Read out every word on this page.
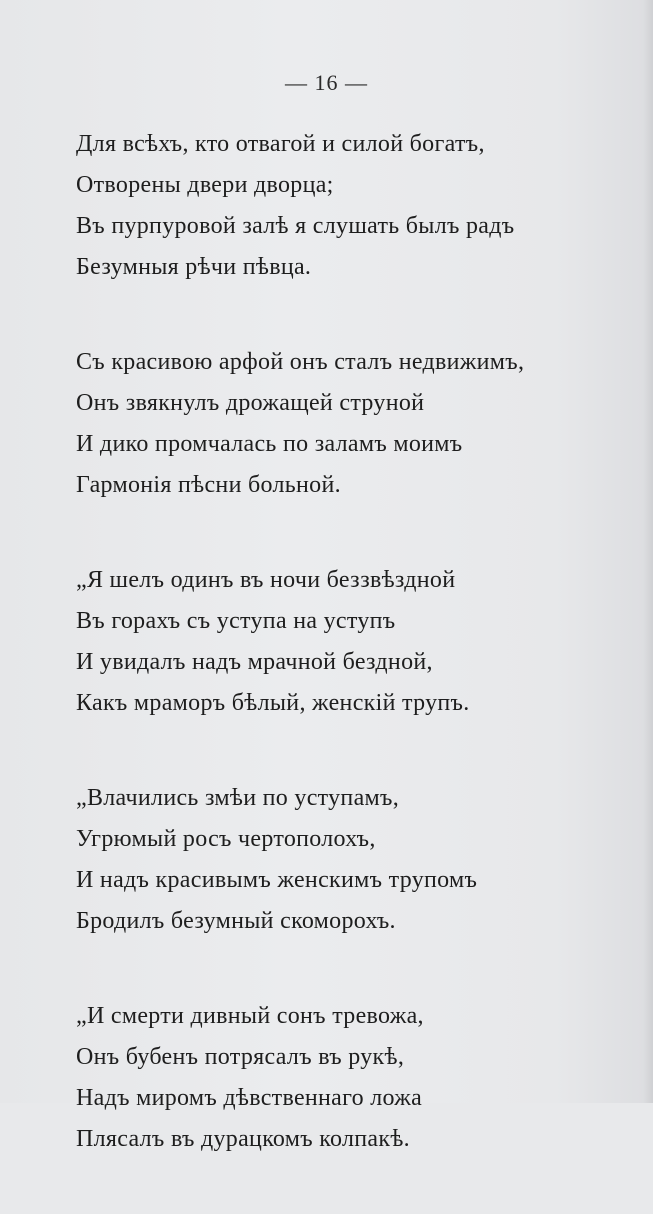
— 16 —
Для всѣхъ, кто отвагой и силой богатъ,
Отворены двери дворца;
Въ пурпуровой залѣ я слушать былъ радъ
Безумныя рѣчи пѣвца.
Съ красивою арфой онъ сталъ недвижимъ,
Онъ звякнулъ дрожащей струной
И дико промчалась по заламъ моимъ
Гармонія пѣсни больной.
„Я шелъ одинъ въ ночи беззвѣздной
Въ горахъ съ уступа на уступъ
И увидалъ надъ мрачной бездной,
Какъ мраморъ бѣлый, женскій трупъ.
„Влачились змѣи по уступамъ,
Угрюмый росъ чертополохъ,
И надъ красивымъ женскимъ трупомъ
Бродилъ безумный скоморохъ.
„И смерти дивный сонъ тревожа,
Онъ бубенъ потрясалъ въ рукѣ,
Надъ миромъ дѣвственнаго ложа
Плясалъ въ дурацкомъ колпакѣ.
